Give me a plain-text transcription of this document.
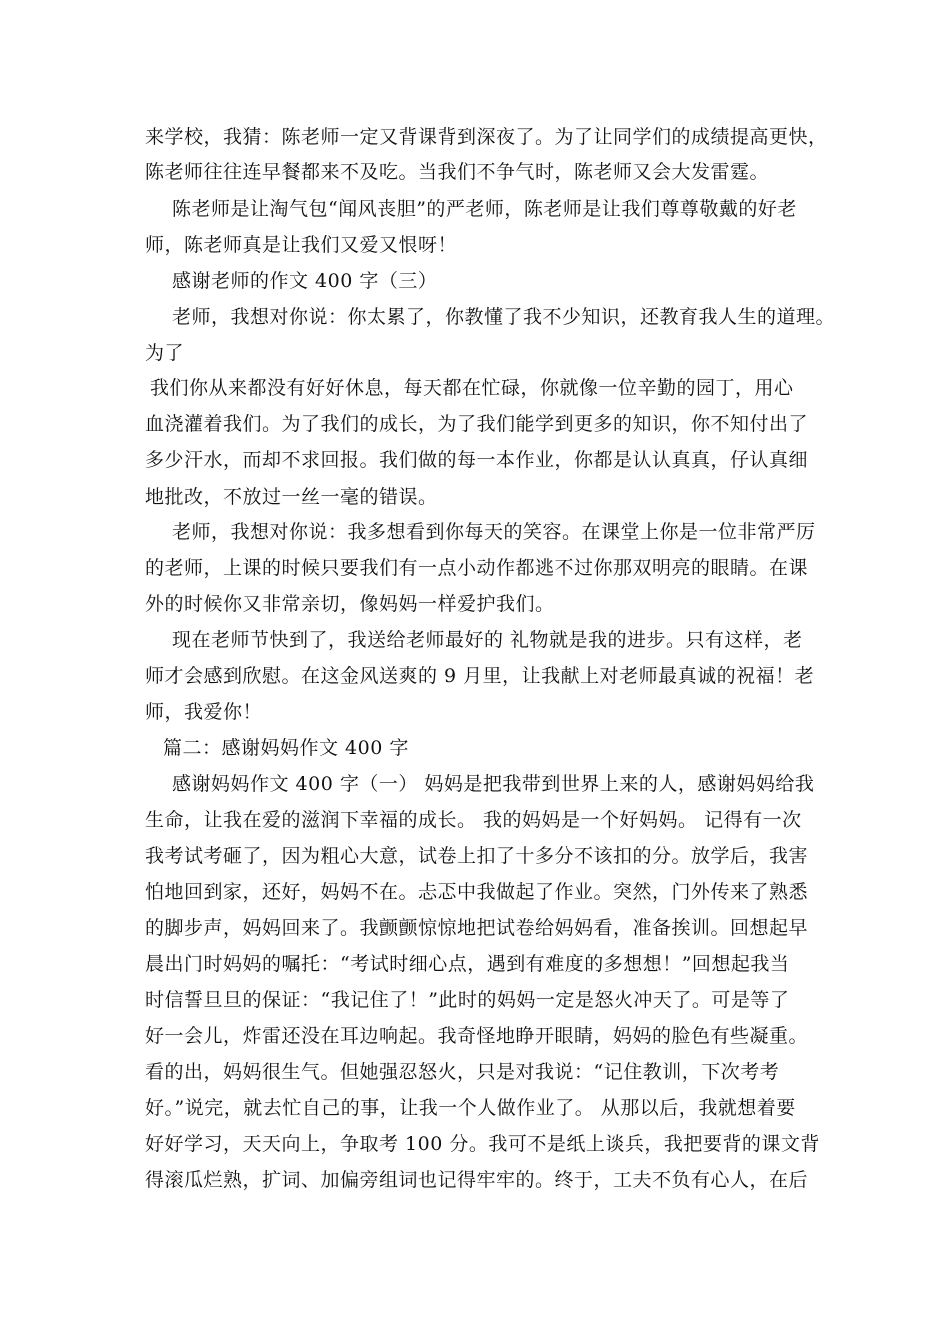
来学校，我猜：陈老师一定又背课背到深夜了。为了让同学们的成绩提高更快，
陈老师往往连早餐都来不及吃。当我们不争气时，陈老师又会大发雷霆。
陈老师是让淘气包“闻风丧胆”的严老师，陈老师是让我们尊尊敬戴的好老
师，陈老师真是让我们又爱又恨呀！
感谢老师的作文 400 字（三）
老师，我想对你说：你太累了，你教懂了我不少知识，还教育我人生的道理。
为了
我们你从来都没有好好休息，每天都在忙碌，你就像一位辛勤的园丁，用心
血浇灌着我们。为了我们的成长，为了我们能学到更多的知识，你不知付出了
多少汗水，而却不求回报。我们做的每一本作业，你都是认认真真，仔认真细
地批改，不放过一丝一毫的错误。
老师，我想对你说：我多想看到你每天的笑容。在课堂上你是一位非常严厉
的老师，上课的时候只要我们有一点小动作都逃不过你那双明亮的眼睛。在课
外的时候你又非常亲切，像妈妈一样爱护我们。
现在老师节快到了，我送给老师最好的 礼物就是我的进步。只有这样，老
师才会感到欣慰。在这金风送爽的 9 月里，让我献上对老师最真诚的祝福！老
师，我爱你！
篇二：感谢妈妈作文 400 字
感谢妈妈作文 400 字（一） 妈妈是把我带到世界上来的人，感谢妈妈给我
生命，让我在爱的滋润下幸福的成长。 我的妈妈是一个好妈妈。 记得有一次
我考试考砸了，因为粗心大意，试卷上扣了十多分不该扣的分。放学后，我害
怕地回到家，还好，妈妈不在。忐忑中我做起了作业。突然，门外传来了熟悉
的脚步声，妈妈回来了。我颤颤惊惊地把试卷给妈妈看，准备挨训。回想起早
晨出门时妈妈的嘱托：“考试时细心点，遇到有难度的多想想！”回想起我当
时信誓旦旦的保证：“我记住了！”此时的妈妈一定是怒火冲天了。可是等了
好一会儿，炸雷还没在耳边响起。我奇怪地睁开眼睛，妈妈的脸色有些凝重。
看的出，妈妈很生气。但她强忍怒火，只是对我说：“记住教训，下次考考
好。”说完，就去忙自己的事，让我一个人做作业了。 从那以后，我就想着要
好好学习，天天向上，争取考 100 分。我可不是纸上谈兵，我把要背的课文背
得滚瓜烂熟，扩词、加偏旁组词也记得牢牢的。终于，工夫不负有心人，在后
